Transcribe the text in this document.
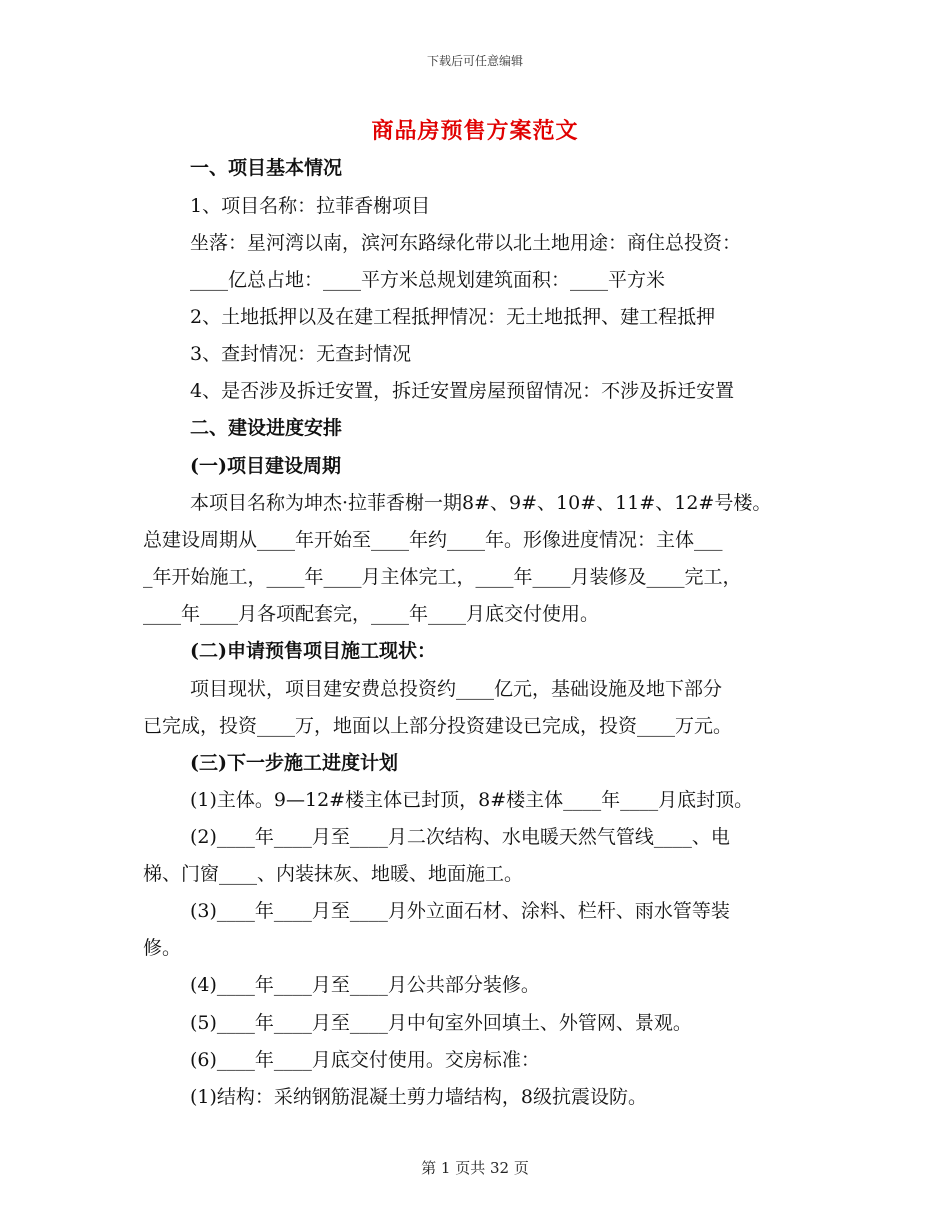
下载后可任意编辑
商品房预售方案范文
一、项目基本情况
1、项目名称：拉菲香榭项目
坐落：星河湾以南，滨河东路绿化带以北土地用途：商住总投资：
____亿总占地：____平方米总规划建筑面积：____平方米
2、土地抵押以及在建工程抵押情况：无土地抵押、建工程抵押
3、查封情况：无查封情况
4、是否涉及拆迁安置，拆迁安置房屋预留情况：不涉及拆迁安置
二、建设进度安排
(一)项目建设周期
本项目名称为坤杰·拉菲香榭一期8#、9#、10#、11#、12#号楼。
总建设周期从____年开始至____年约____年。形像进度情况：主体___
_年开始施工，____年____月主体完工，____年____月装修及____完工，
____年____月各项配套完，____年____月底交付使用。
(二)申请预售项目施工现状：
项目现状，项目建安费总投资约____亿元，基础设施及地下部分
已完成，投资____万，地面以上部分投资建设已完成，投资____万元。
(三)下一步施工进度计划
(1)主体。9—12#楼主体已封顶，8#楼主体____年____月底封顶。
(2)____年____月至____月二次结构、水电暖天然气管线____、电
梯、门窗____、内装抹灰、地暖、地面施工。
(3)____年____月至____月外立面石材、涂料、栏杆、雨水管等装
修。
(4)____年____月至____月公共部分装修。
(5)____年____月至____月中旬室外回填土、外管网、景观。
(6)____年____月底交付使用。交房标准：
(1)结构：采纳钢筋混凝土剪力墙结构，8级抗震设防。
第 1 页共 32 页
